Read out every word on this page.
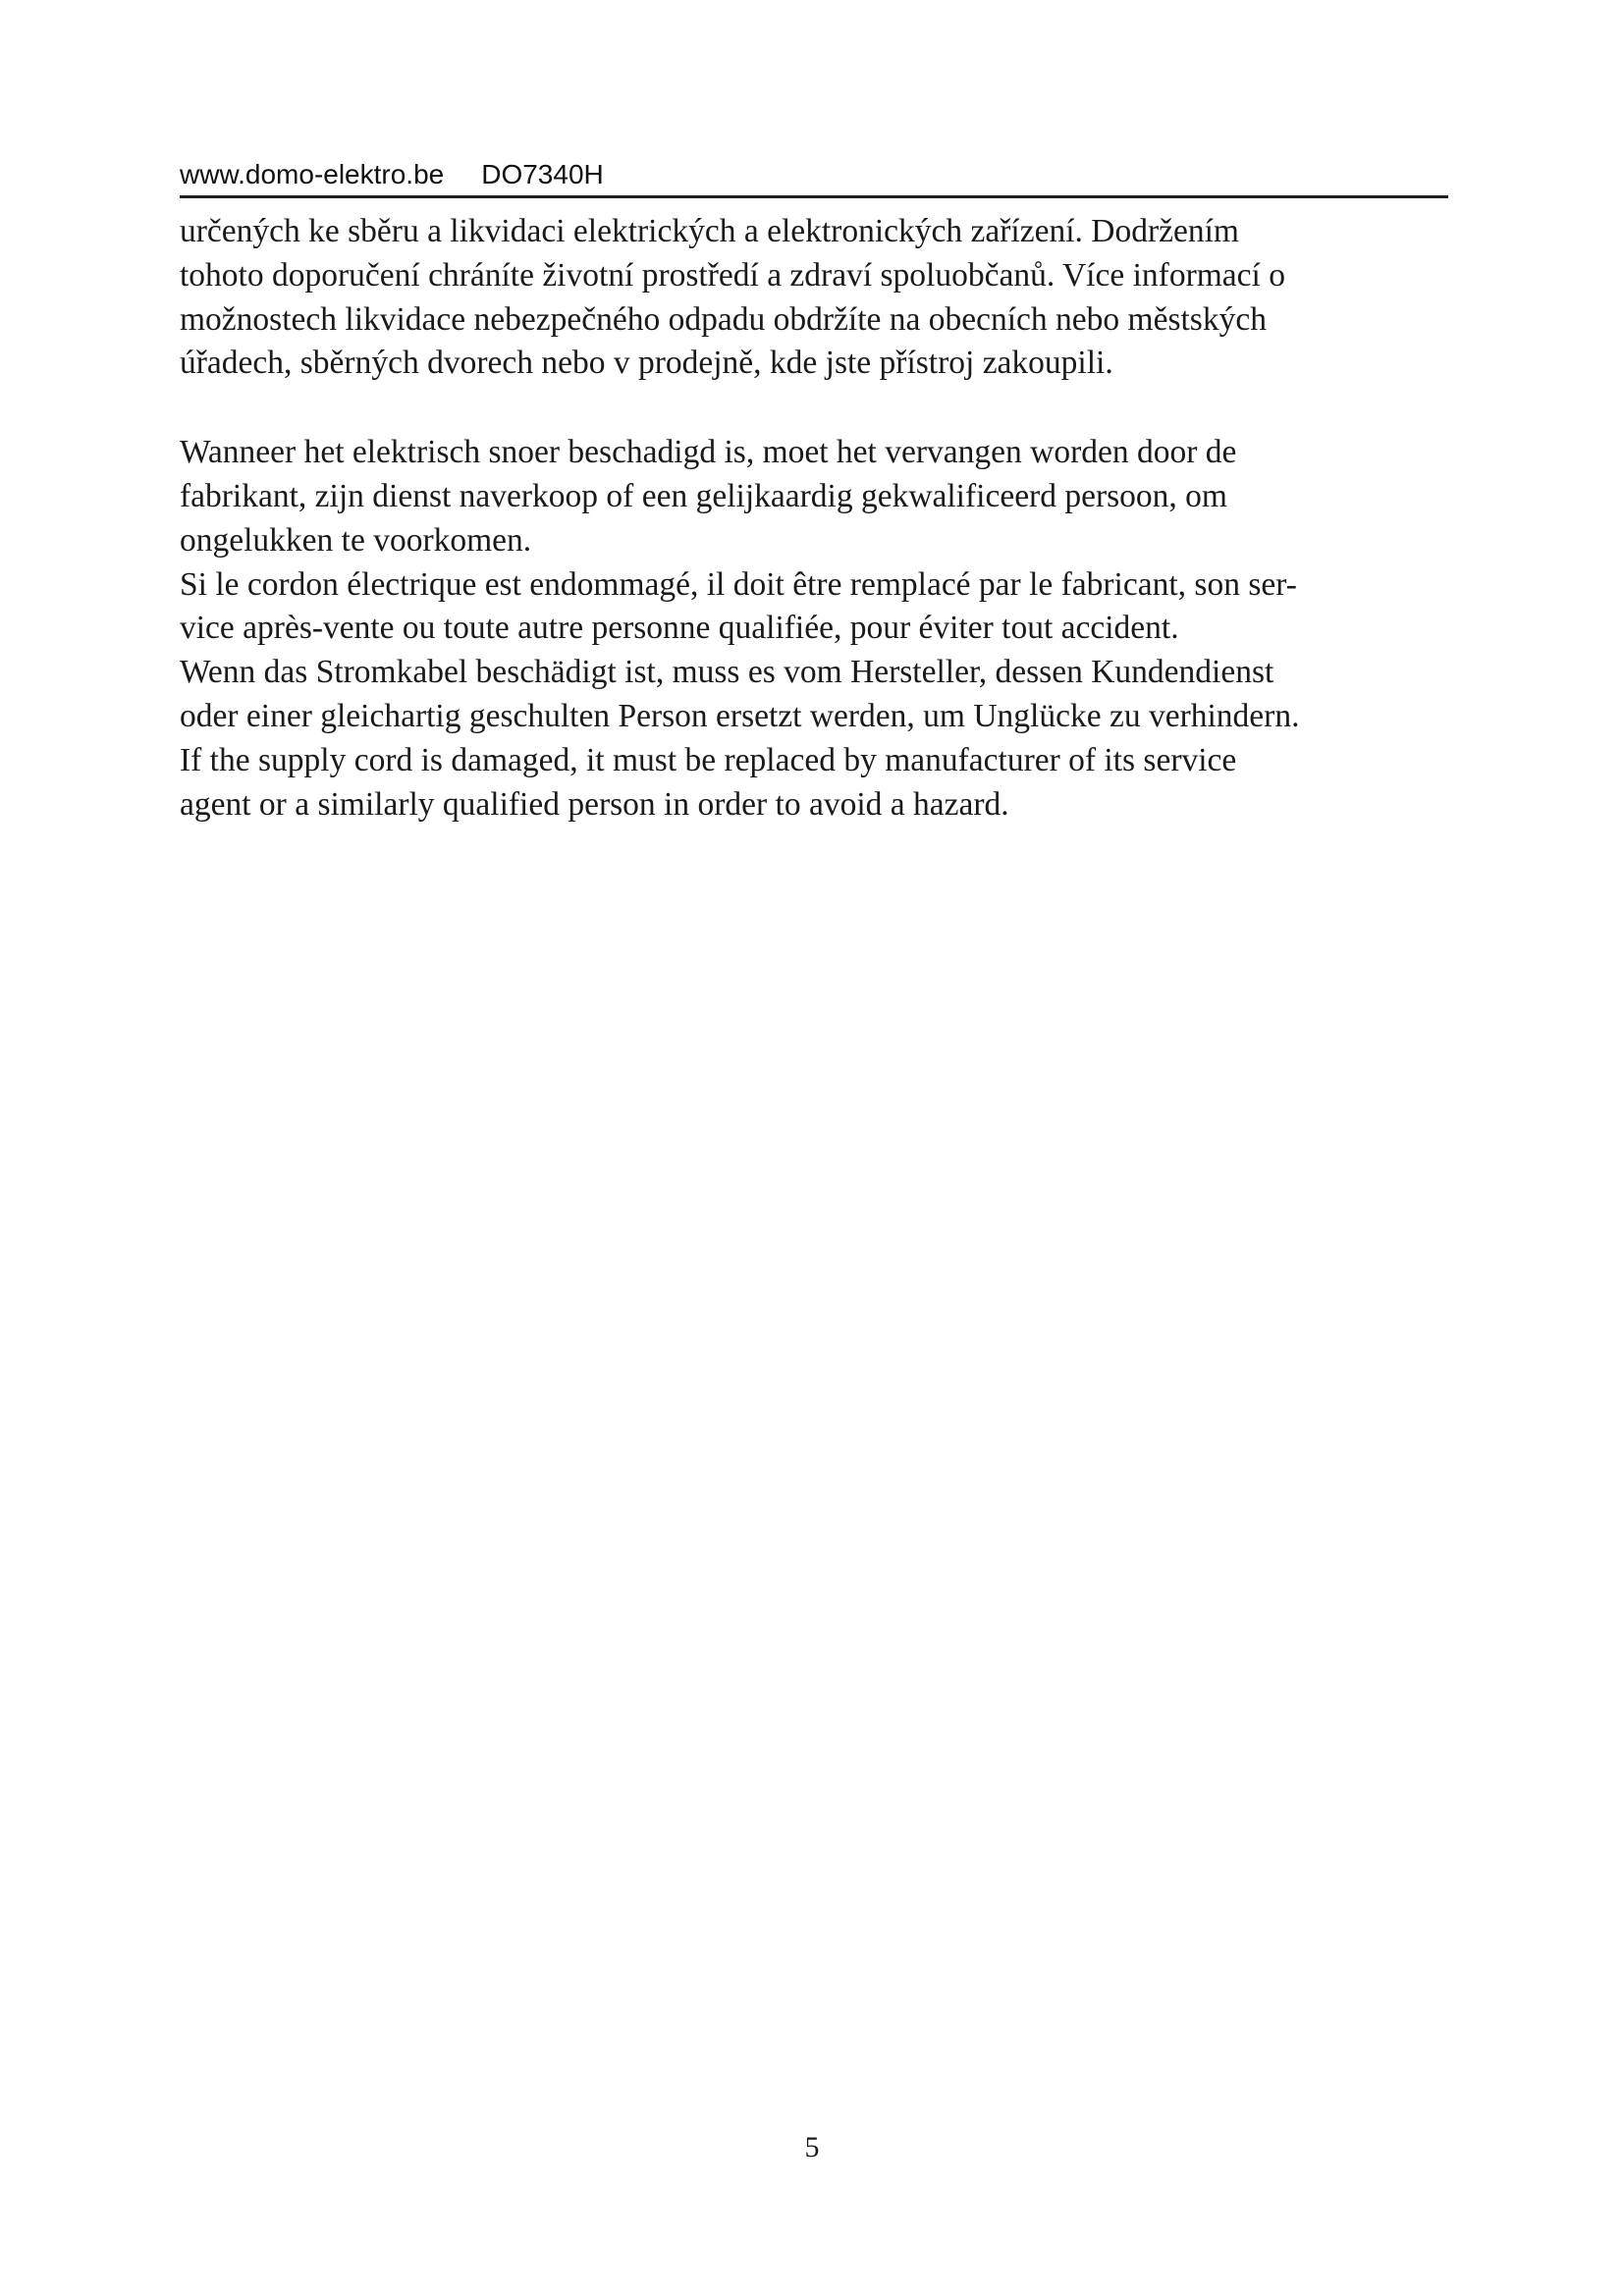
www.domo-elektro.be DO7340H
určených ke sběru a likvidaci elektrických a elektronických zařízení. Dodržením
tohoto doporučení chráníte životní prostředí a zdraví spoluobčanů. Více informací o
možnostech likvidace nebezpečného odpadu obdržíte na obecních nebo městských
úřadech, sběrných dvorech nebo v prodejně, kde jste přístroj zakoupili.
Wanneer het elektrisch snoer beschadigd is, moet het vervangen worden door de
fabrikant, zijn dienst naverkoop of een gelijkaardig gekwalificeerd persoon, om
ongelukken te voorkomen.
Si le cordon électrique est endommagé, il doit être remplacé par le fabricant, son ser-
vice après-vente ou toute autre personne qualifiée, pour éviter tout accident.
Wenn das Stromkabel beschädigt ist, muss es vom Hersteller, dessen Kundendienst
oder einer gleichartig geschulten Person ersetzt werden, um Unglücke zu verhindern.
If the supply cord is damaged, it must be replaced by manufacturer of its service
agent or a similarly qualified person in order to avoid a hazard.
5
